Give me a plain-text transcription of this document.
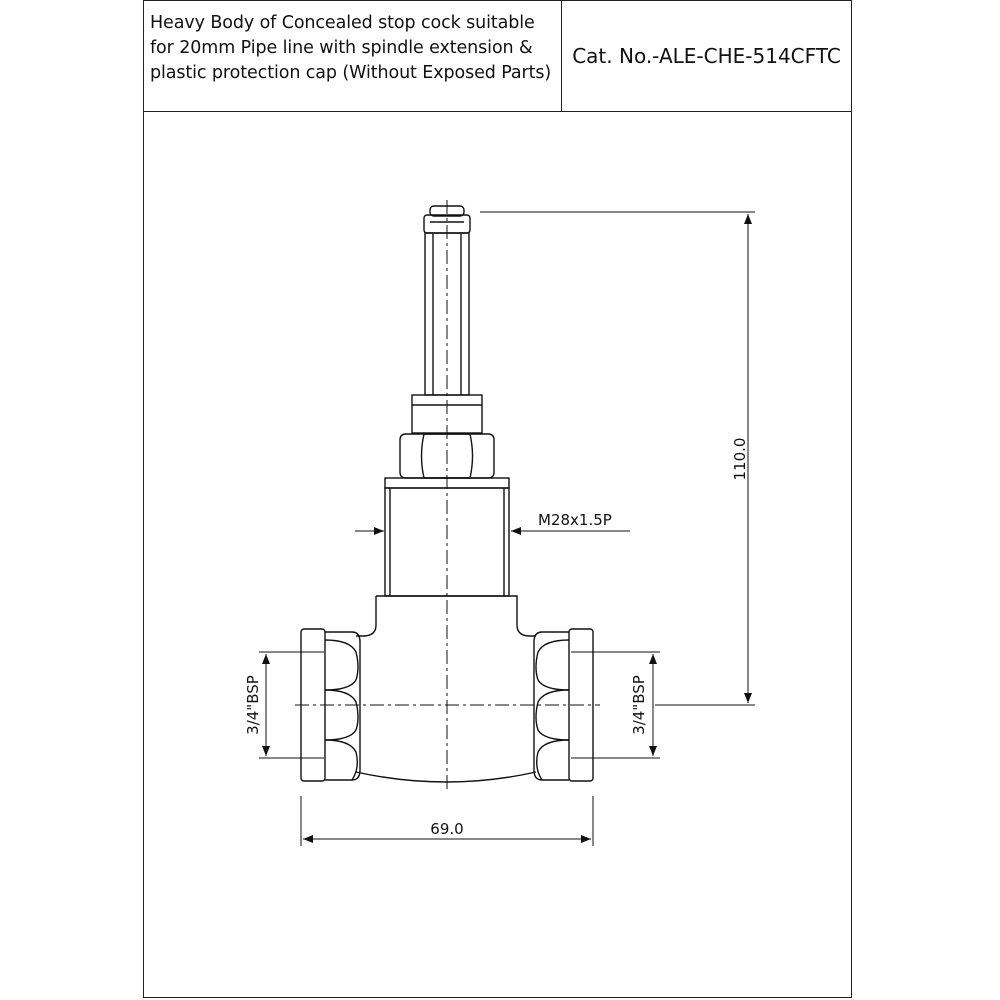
Heavy Body of Concealed stop cock suitable
for 20mm Pipe line with spindle extension &
plastic protection cap (Without Exposed Parts)
Cat. No.-ALE-CHE-514CFTC
110.0
69.0
M28x1.5P
3/4"BSP	3/4"BSP
